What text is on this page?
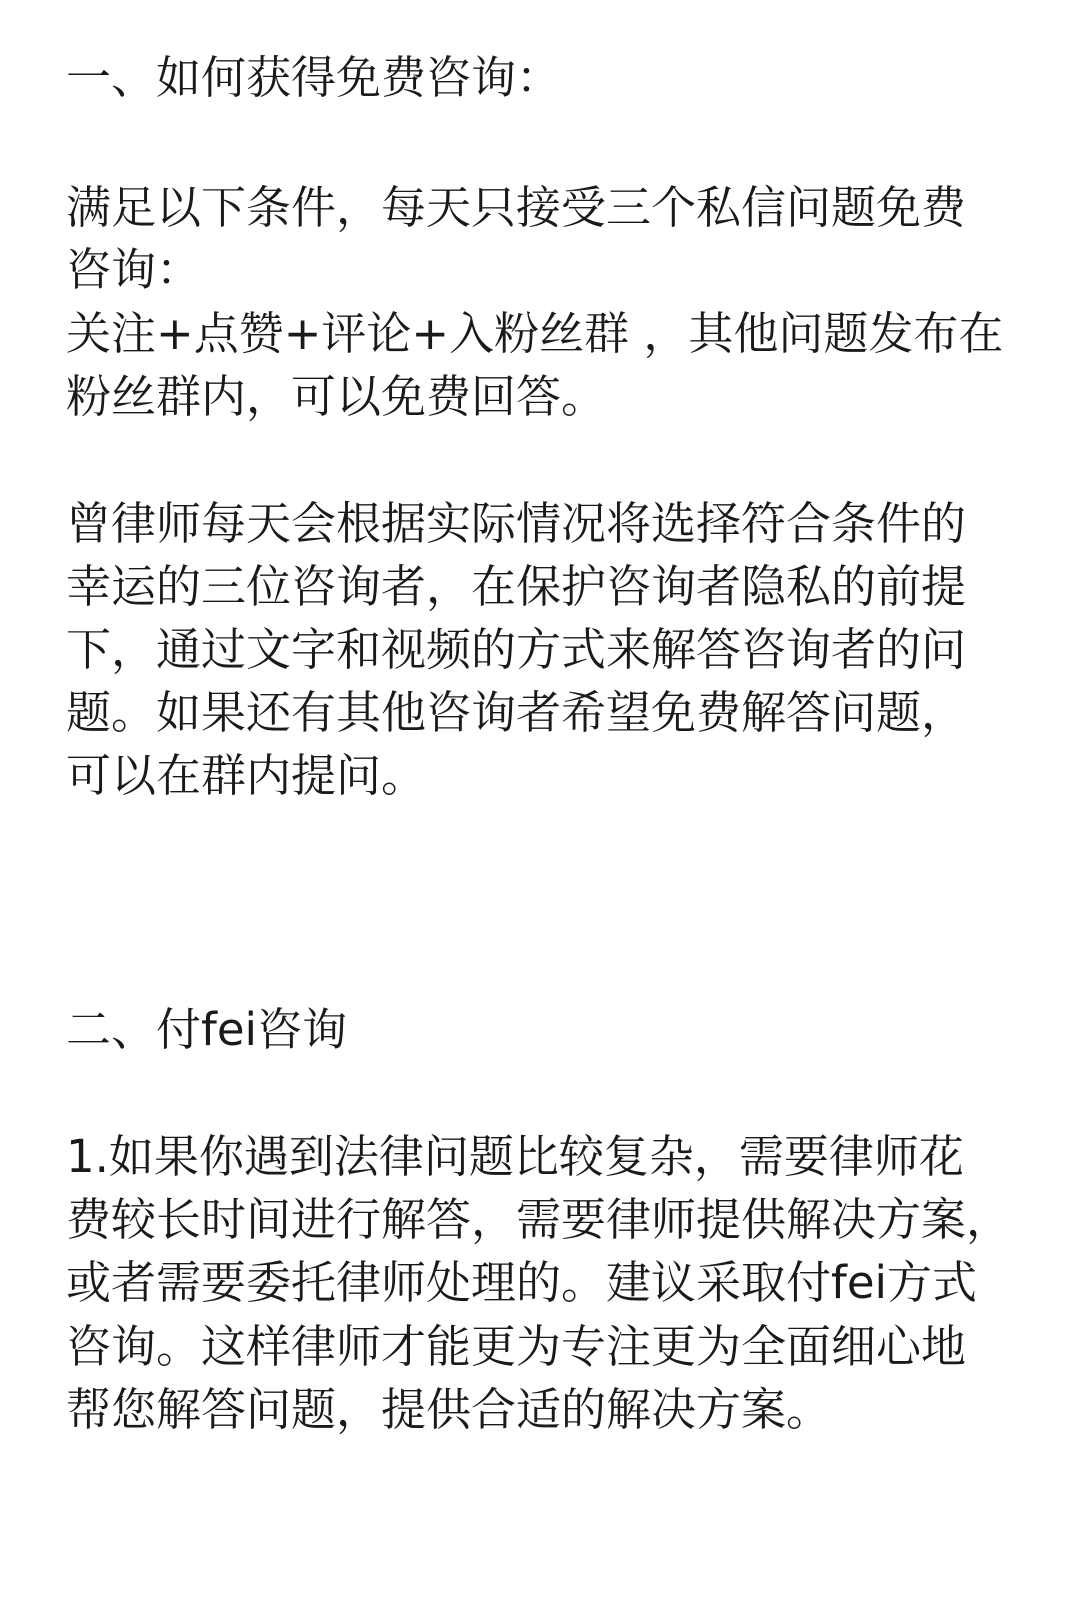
一、如何获得免费咨询：

满足以下条件，每天只接受三个私信问题免费

咨询：

关注+点赞+评论+入粉丝群 ，其他问题发布在

粉丝群内，可以免费回答。

曾律师每天会根据实际情况将选择符合条件的

幸运的三位咨询者，在保护咨询者隐私的前提

下，通过文字和视频的方式来解答咨询者的问

题。如果还有其他咨询者希望免费解答问题，

可以在群内提问。

二、付fei咨询

1.如果你遇到法律问题比较复杂，需要律师花

费较长时间进行解答，需要律师提供解决方案，

或者需要委托律师处理的。建议采取付fei方式

咨询。这样律师才能更为专注更为全面细心地

帮您解答问题，提供合适的解决方案。
